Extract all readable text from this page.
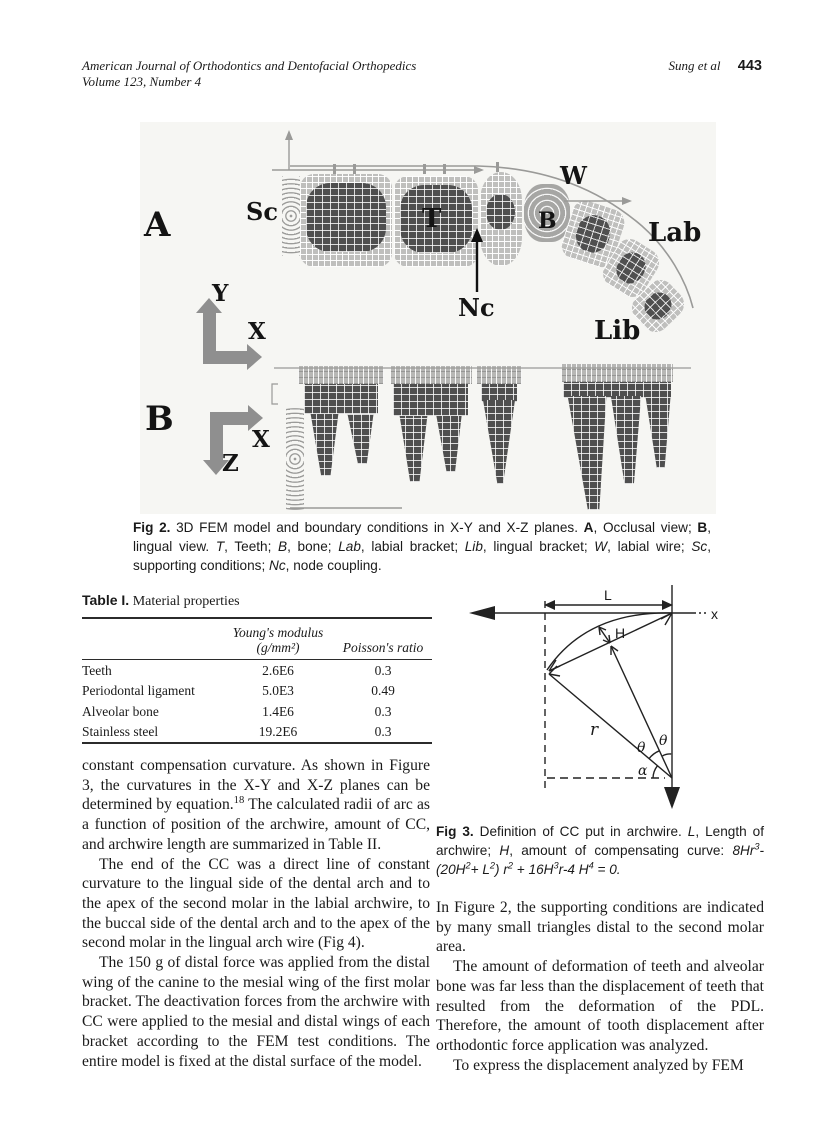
American Journal of Orthodontics and Dentofacial Orthopedics
Volume 123, Number 4
Sung et al 443
A	Sc	T	B
W
Lab
Lib
Nc
Y
X
B
X
Z

Fig 2. 3D FEM model and boundary conditions in X-Y and X-Z planes. A, Occlusal view; B, lingual view. T, Teeth; B, bone; Lab, labial bracket; Lib, lingual bracket; W, labial wire; Sc, supporting conditions; Nc, node coupling.

Table I. Material properties
	Young's modulus
(g/mm²)	Poisson's ratio
Teeth	2.6E6	0.3
Periodontal ligament	5.0E3	0.49
Alveolar bone	1.4E6	0.3
Stainless steel	19.2E6	0.3
L
x
H
r
θ θ
α

Fig 3. Definition of CC put in archwire. L, Length of archwire; H, amount of compensating curve: $8Hr^3-(20H^2+ L^2) r^2 + 16H^3r-4$ $H^4 = 0$.

constant compensation curvature. As shown in Figure 3, the curvatures in the X-Y and X-Z planes can be determined by equation.$^{18}$ The calculated radii of arc as a function of position of the archwire, amount of CC, and archwire length are summarized in Table II.

The end of the CC was a direct line of constant curvature to the lingual side of the dental arch and to the apex of the second molar in the labial archwire, to the buccal side of the dental arch and to the apex of the second molar in the lingual arch wire (Fig 4).

The 150 g of distal force was applied from the distal wing of the canine to the mesial wing of the first molar bracket. The deactivation forces from the archwire with CC were applied to the mesial and distal wings of each bracket according to the FEM test conditions. The entire model is fixed at the distal surface of the model.

In Figure 2, the supporting conditions are indicated by many small triangles distal to the second molar area.

The amount of deformation of teeth and alveolar bone was far less than the displacement of teeth that resulted from the deformation of the PDL. Therefore, the amount of tooth displacement after orthodontic force application was analyzed.

To express the displacement analyzed by FEM
